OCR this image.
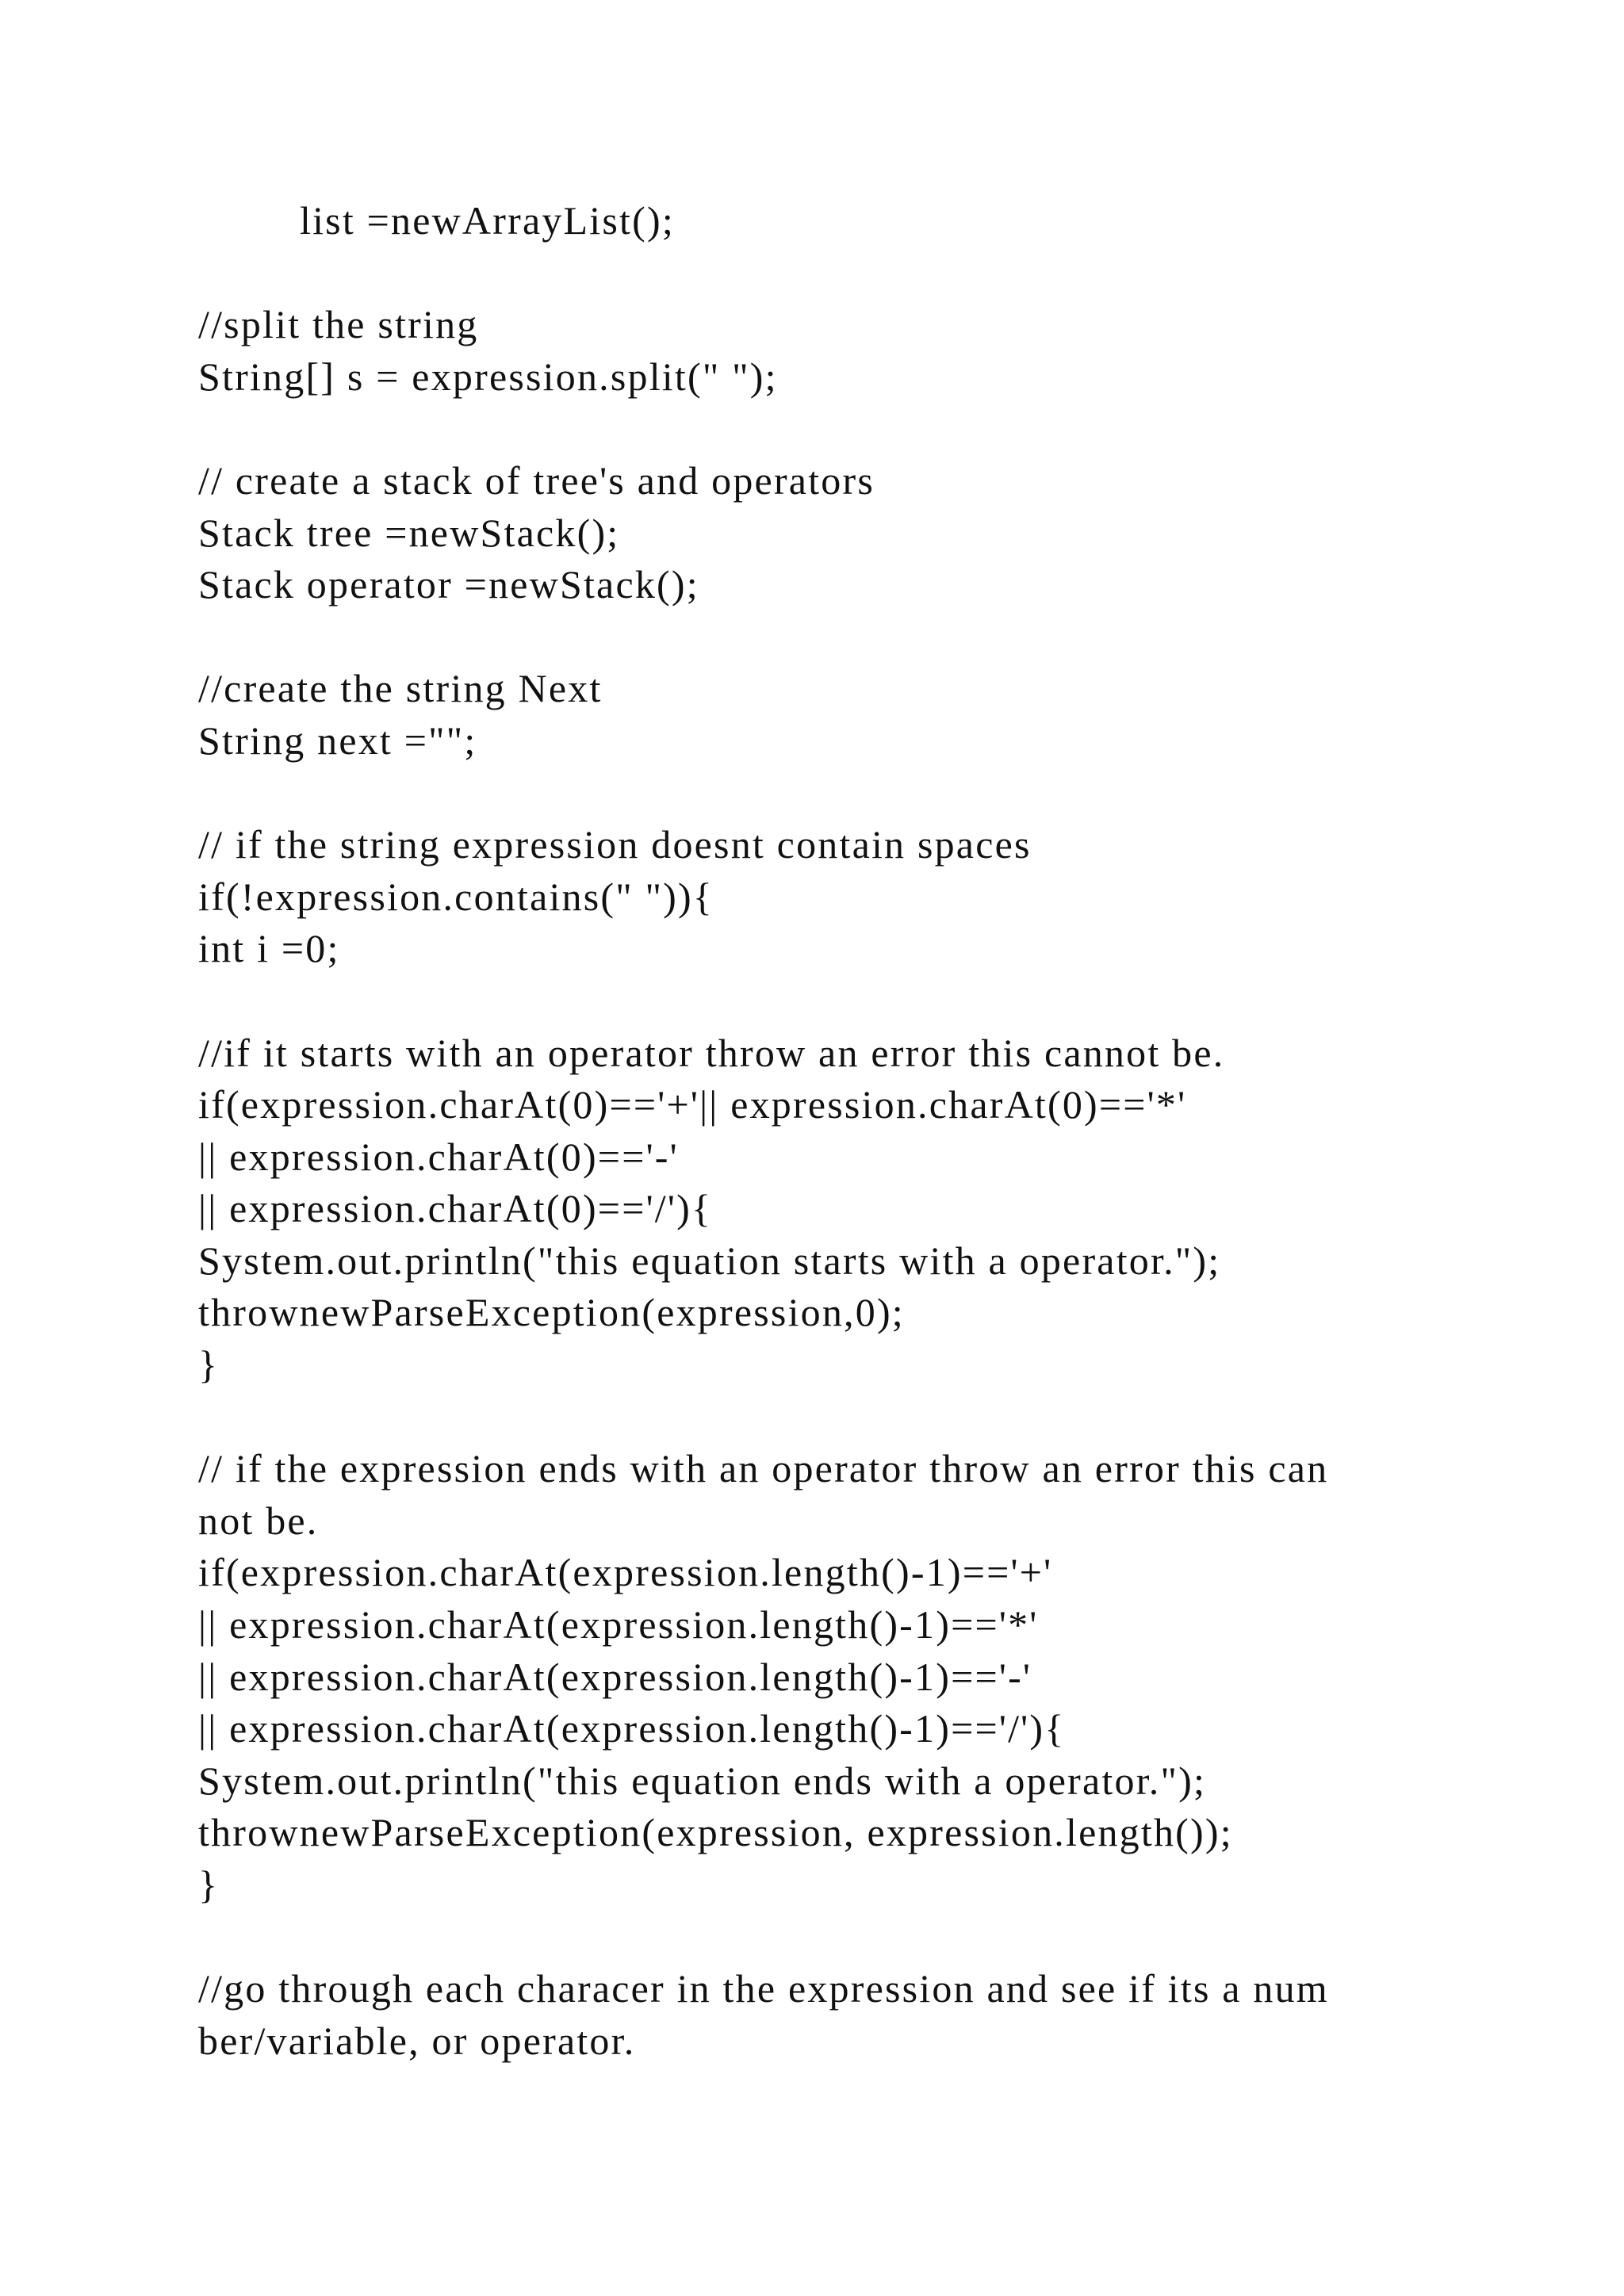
list =newArrayList();
//split the string
String[] s = expression.split(" ");
// create a stack of tree's and operators
Stack tree =newStack();
Stack operator =newStack();
//create the string Next
String next ="";
// if the string expression doesnt contain spaces
if(!expression.contains(" ")){
int i =0;
//if it starts with an operator throw an error this cannot be.
if(expression.charAt(0)=='+'|| expression.charAt(0)=='*'
|| expression.charAt(0)=='-'
|| expression.charAt(0)=='/'){
System.out.println("this equation starts with a operator.");
thrownewParseException(expression,0);
}
// if the expression ends with an operator throw an error this can
not be.
if(expression.charAt(expression.length()-1)=='+'
|| expression.charAt(expression.length()-1)=='*'
|| expression.charAt(expression.length()-1)=='-'
|| expression.charAt(expression.length()-1)=='/'){
System.out.println("this equation ends with a operator.");
thrownewParseException(expression, expression.length());
}
//go through each characer in the expression and see if its a num
ber/variable, or operator.
